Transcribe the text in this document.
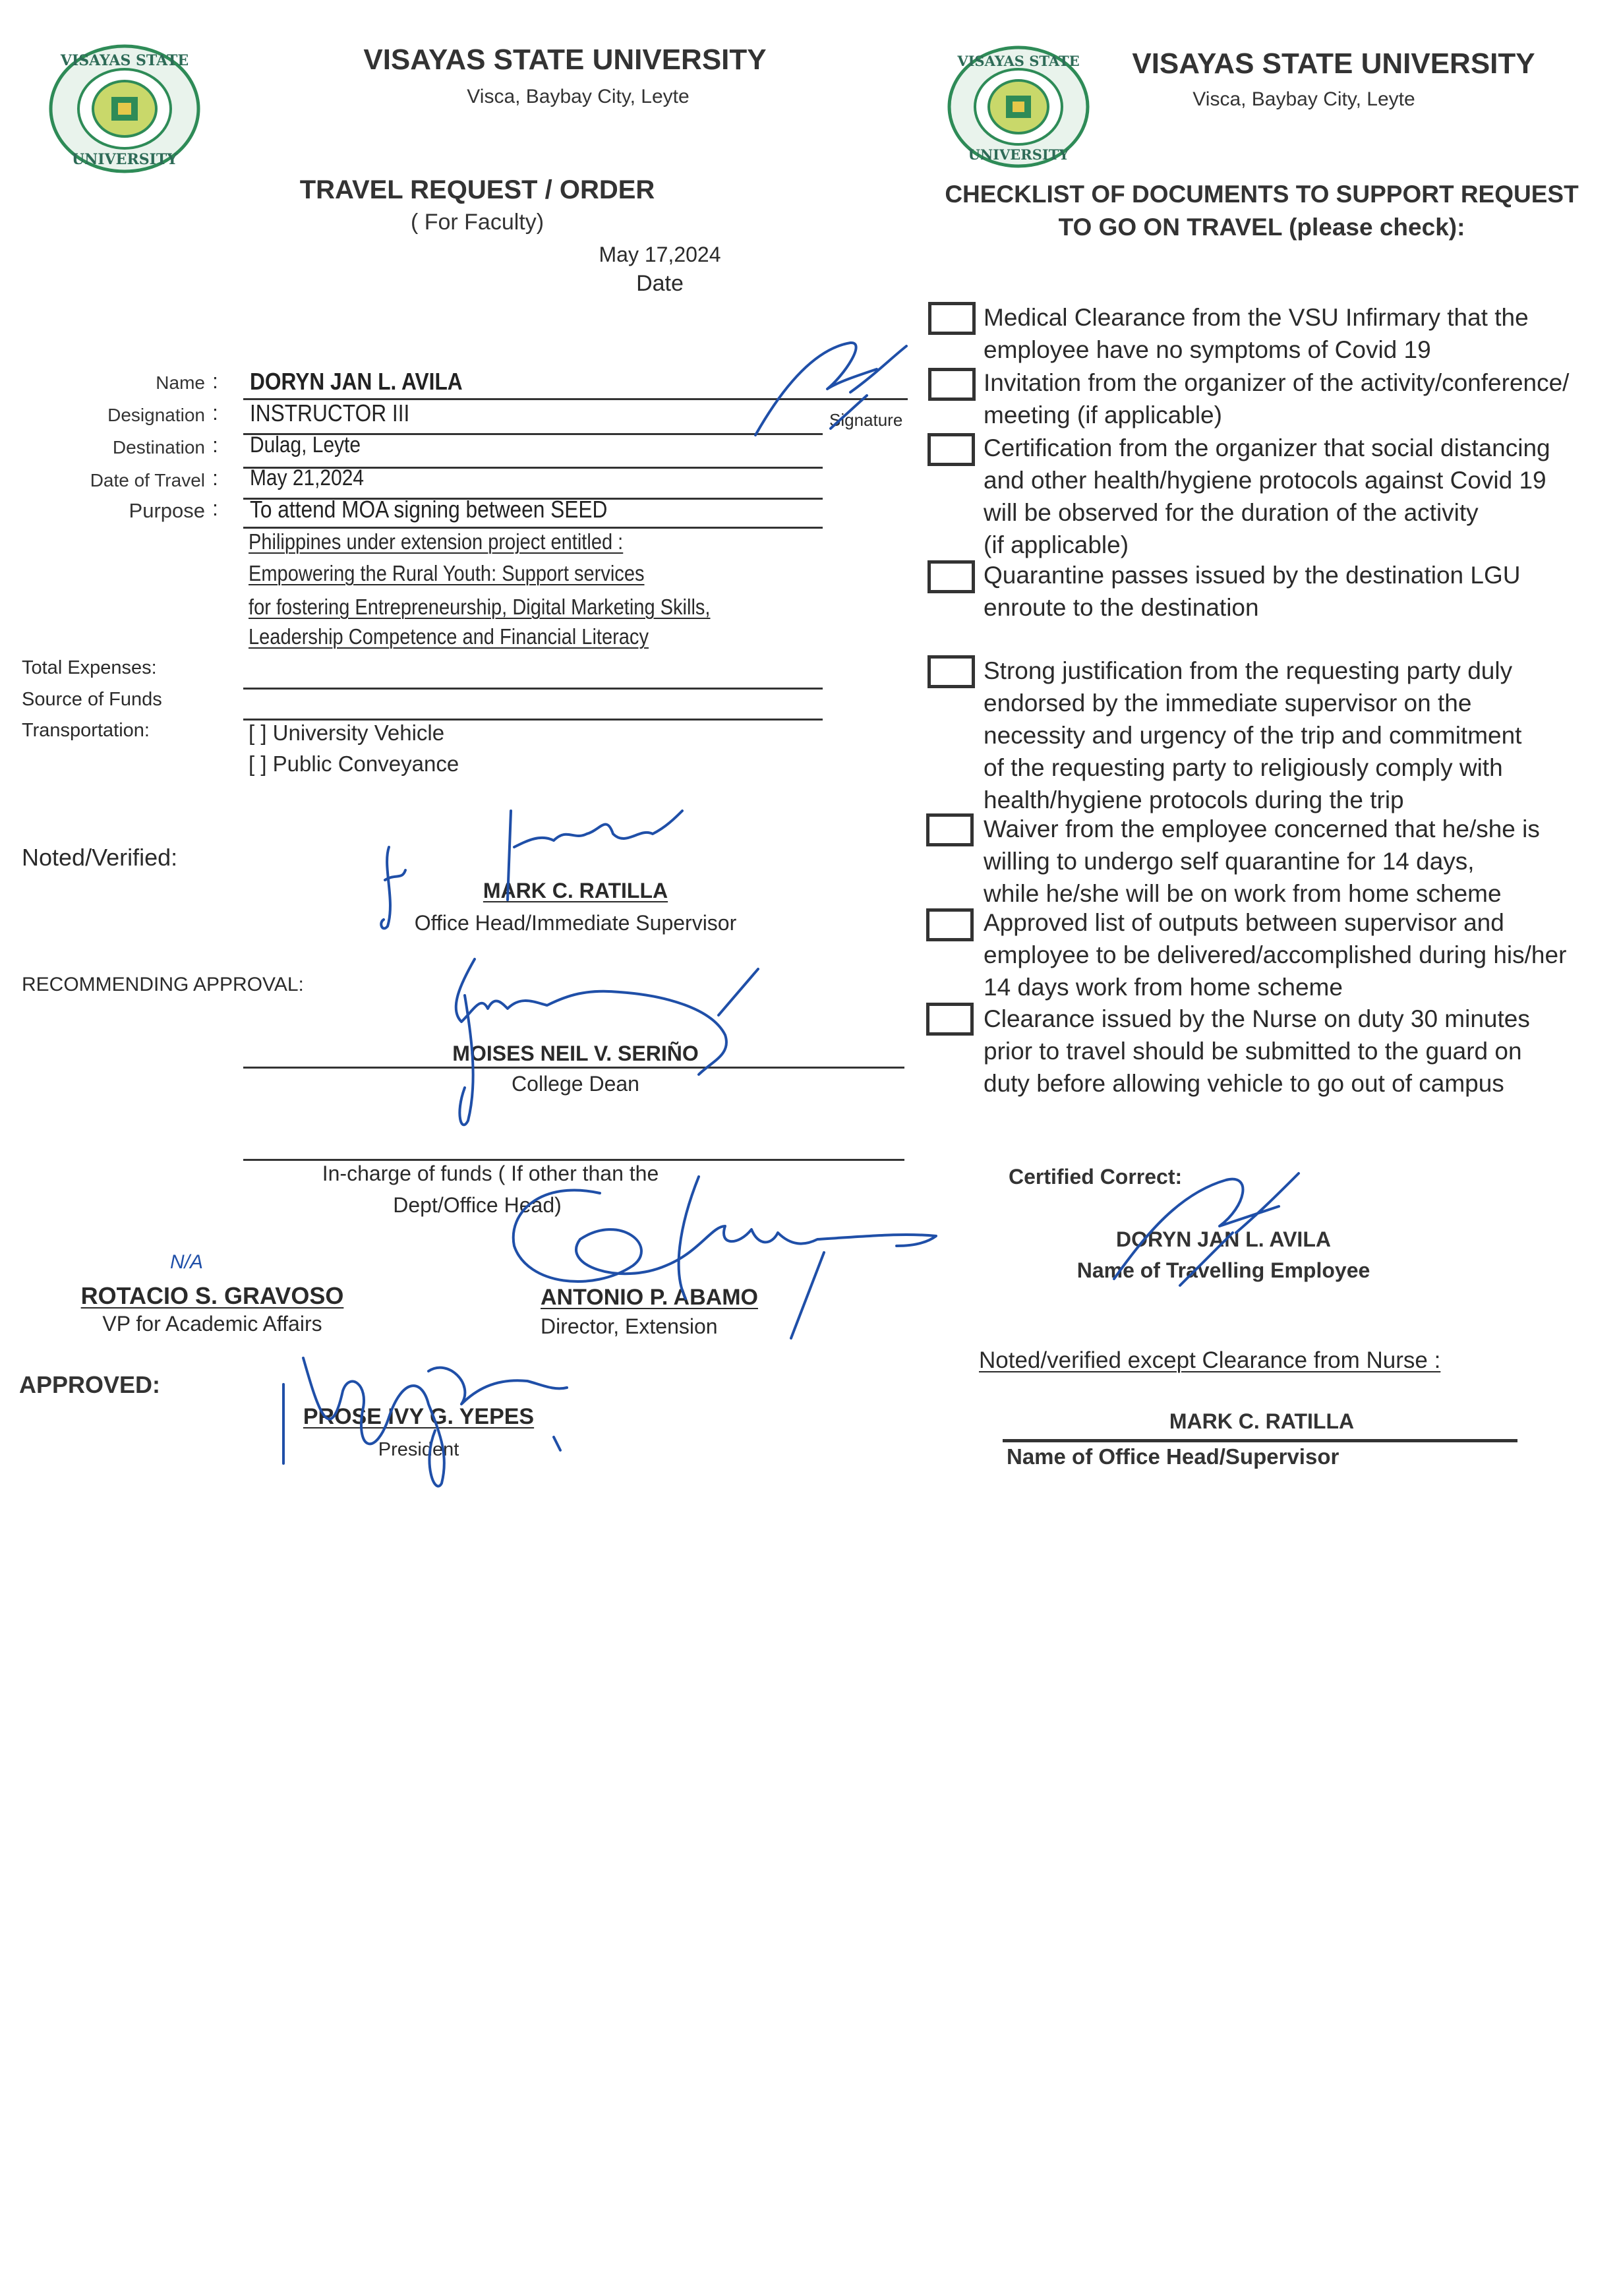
VISAYAS STATE
UNIVERSITY
VISAYAS STATE UNIVERSITY
Visca, Baybay City, Leyte
VISAYAS STATE
UNIVERSITY
VISAYAS STATE UNIVERSITY
Visca, Baybay City, Leyte
TRAVEL REQUEST / ORDER
( For Faculty)
May 17,2024
Date
Name : DORYN JAN L. AVILA
Signature
Designation : INSTRUCTOR III
Destination : Dulag, Leyte
Date of Travel : May 21,2024
Purpose : To attend MOA signing between SEED
Philippines under extension project entitled :
Empowering the Rural Youth: Support services
for fostering Entrepreneurship, Digital Marketing Skills,
Leadership Competence and Financial Literacy
Total Expenses:
Source of Funds
Transportation:	[ ] University Vehicle
[ ] Public Conveyance
Noted/Verified:
MARK C. RATILLA
Office Head/Immediate Supervisor
RECOMMENDING APPROVAL:
MOISES NEIL V. SERIÑO
College Dean
In-charge of funds ( If other than the
Dept/Office Head)
N/A
ROTACIO S. GRAVOSO
VP for Academic Affairs
ANTONIO P. ABAMO
Director, Extension
APPROVED:
PROSE IVY G. YEPES
President
CHECKLIST OF DOCUMENTS TO SUPPORT REQUEST
TO GO ON TRAVEL (please check):
Medical Clearance from the VSU Infirmary that the
employee have no symptoms of Covid 19
Invitation from the organizer of the activity/conference/
meeting (if applicable)
Certification from the organizer that social distancing
and other health/hygiene protocols against Covid 19
will be observed for the duration of the activity
(if applicable)
Quarantine passes issued by the destination LGU
enroute to the destination
Strong justification from the requesting party duly
endorsed by the immediate supervisor on the
necessity and urgency of the trip and commitment
of the requesting party to religiously comply with
health/hygiene protocols during the trip
Waiver from the employee concerned that he/she is
willing to undergo self quarantine for 14 days,
while he/she will be on work from home scheme
Approved list of outputs between supervisor and
employee to be delivered/accomplished during his/her
14 days work from home scheme
Clearance issued by the Nurse on duty 30 minutes
prior to travel should be submitted to the guard on
duty before allowing vehicle to go out of campus
Certified Correct:
DORYN JAN L. AVILA
Name of Travelling Employee
Noted/verified except Clearance from Nurse :
MARK C. RATILLA
Name of Office Head/Supervisor
